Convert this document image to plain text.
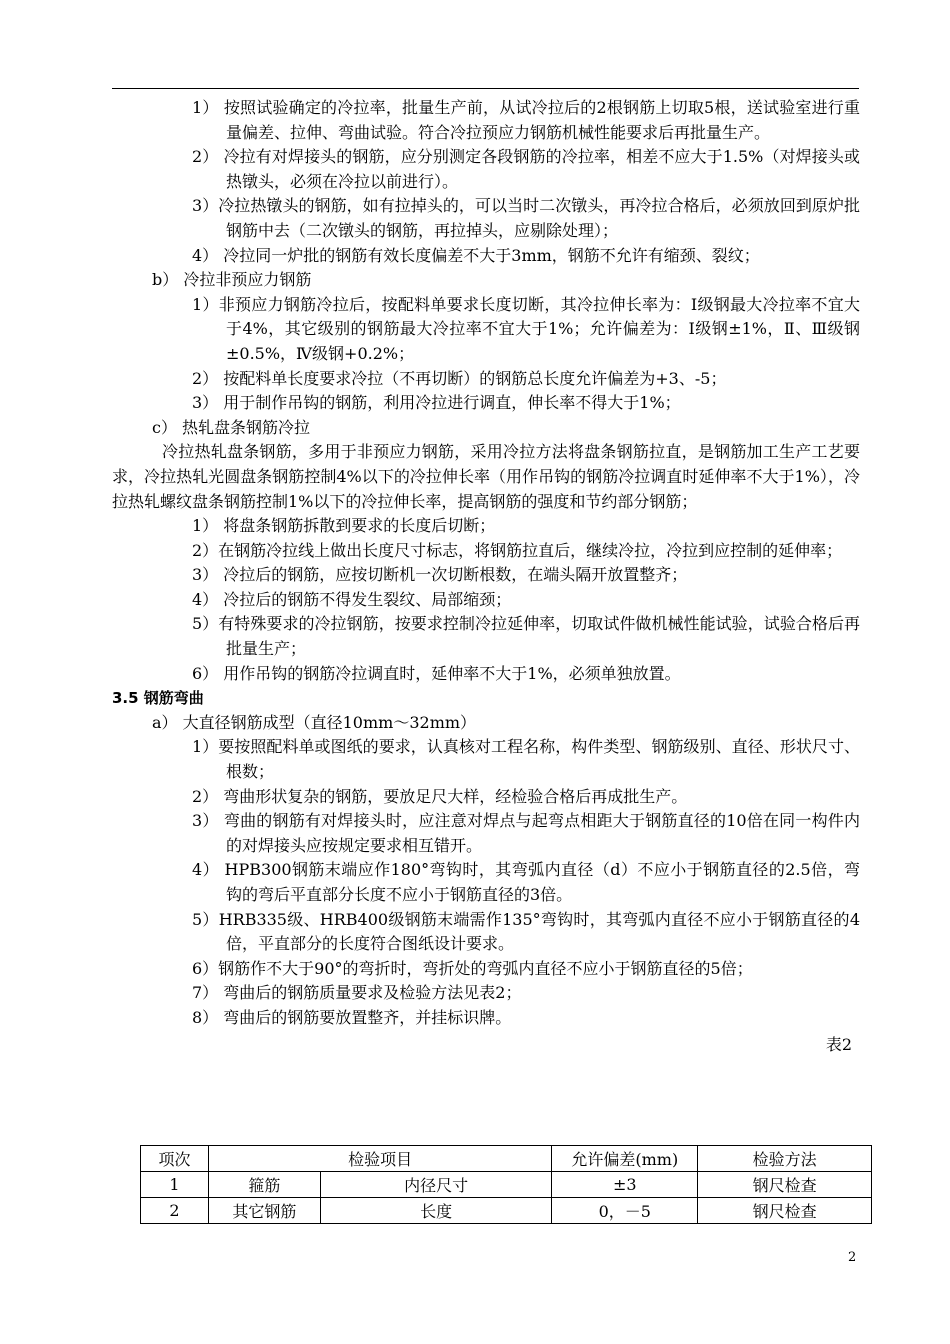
1） 按照试验确定的冷拉率，批量生产前，从试冷拉后的2根钢筋上切取5根，送试验室进行重量偏差、拉伸、弯曲试验。符合冷拉预应力钢筋机械性能要求后再批量生产。

2） 冷拉有对焊接头的钢筋，应分别测定各段钢筋的冷拉率，相差不应大于1.5%（对焊接头或热镦头，必须在冷拉以前进行）。

3）冷拉热镦头的钢筋，如有拉掉头的，可以当时二次镦头，再冷拉合格后，必须放回到原炉批钢筋中去（二次镦头的钢筋，再拉掉头，应剔除处理）；

4） 冷拉同一炉批的钢筋有效长度偏差不大于3mm，钢筋不允许有缩颈、裂纹；

b） 冷拉非预应力钢筋

1）非预应力钢筋冷拉后，按配料单要求长度切断，其冷拉伸长率为：Ⅰ级钢最大冷拉率不宜大于4%，其它级别的钢筋最大冷拉率不宜大于1%；允许偏差为：Ⅰ级钢±1%，Ⅱ、Ⅲ级钢±0.5%，Ⅳ级钢+0.2%；

2） 按配料单长度要求冷拉（不再切断）的钢筋总长度允许偏差为+3、-5；

3） 用于制作吊钩的钢筋，利用冷拉进行调直，伸长率不得大于1%；

c） 热轧盘条钢筋冷拉

冷拉热轧盘条钢筋，多用于非预应力钢筋，采用冷拉方法将盘条钢筋拉直，是钢筋加工生产工艺要求，冷拉热轧光圆盘条钢筋控制4%以下的冷拉伸长率（用作吊钩的钢筋冷拉调直时延伸率不大于1%），冷拉热轧螺纹盘条钢筋控制1%以下的冷拉伸长率，提高钢筋的强度和节约部分钢筋；

1） 将盘条钢筋拆散到要求的长度后切断；

2）在钢筋冷拉线上做出长度尺寸标志，将钢筋拉直后，继续冷拉，冷拉到应控制的延伸率；

3） 冷拉后的钢筋，应按切断机一次切断根数，在端头隔开放置整齐；

4） 冷拉后的钢筋不得发生裂纹、局部缩颈；

5）有特殊要求的冷拉钢筋，按要求控制冷拉延伸率，切取试件做机械性能试验，试验合格后再批量生产；

6） 用作吊钩的钢筋冷拉调直时，延伸率不大于1%，必须单独放置。

3.5 钢筋弯曲

a） 大直径钢筋成型（直径10mm～32mm）

1）要按照配料单或图纸的要求，认真核对工程名称，构件类型、钢筋级别、直径、形状尺寸、根数；

2） 弯曲形状复杂的钢筋，要放足尺大样，经检验合格后再成批生产。

3） 弯曲的钢筋有对焊接头时，应注意对焊点与起弯点相距大于钢筋直径的10倍在同一构件内的对焊接头应按规定要求相互错开。

4） HPB300钢筋末端应作180°弯钩时，其弯弧内直径（d）不应小于钢筋直径的2.5倍，弯钩的弯后平直部分长度不应小于钢筋直径的3倍。

5）HRB335级、HRB400级钢筋末端需作135°弯钩时，其弯弧内直径不应小于钢筋直径的4倍，平直部分的长度符合图纸设计要求。

6）钢筋作不大于90°的弯折时，弯折处的弯弧内直径不应小于钢筋直径的5倍；

7） 弯曲后的钢筋质量要求及检验方法见表2；

8） 弯曲后的钢筋要放置整齐，并挂标识牌。

表2

项次	检验项目		允许偏差(mm)	检验方法
1	箍筋	内径尺寸	±3	钢尺检查
2	其它钢筋	长度	0，－5	钢尺检查
2
